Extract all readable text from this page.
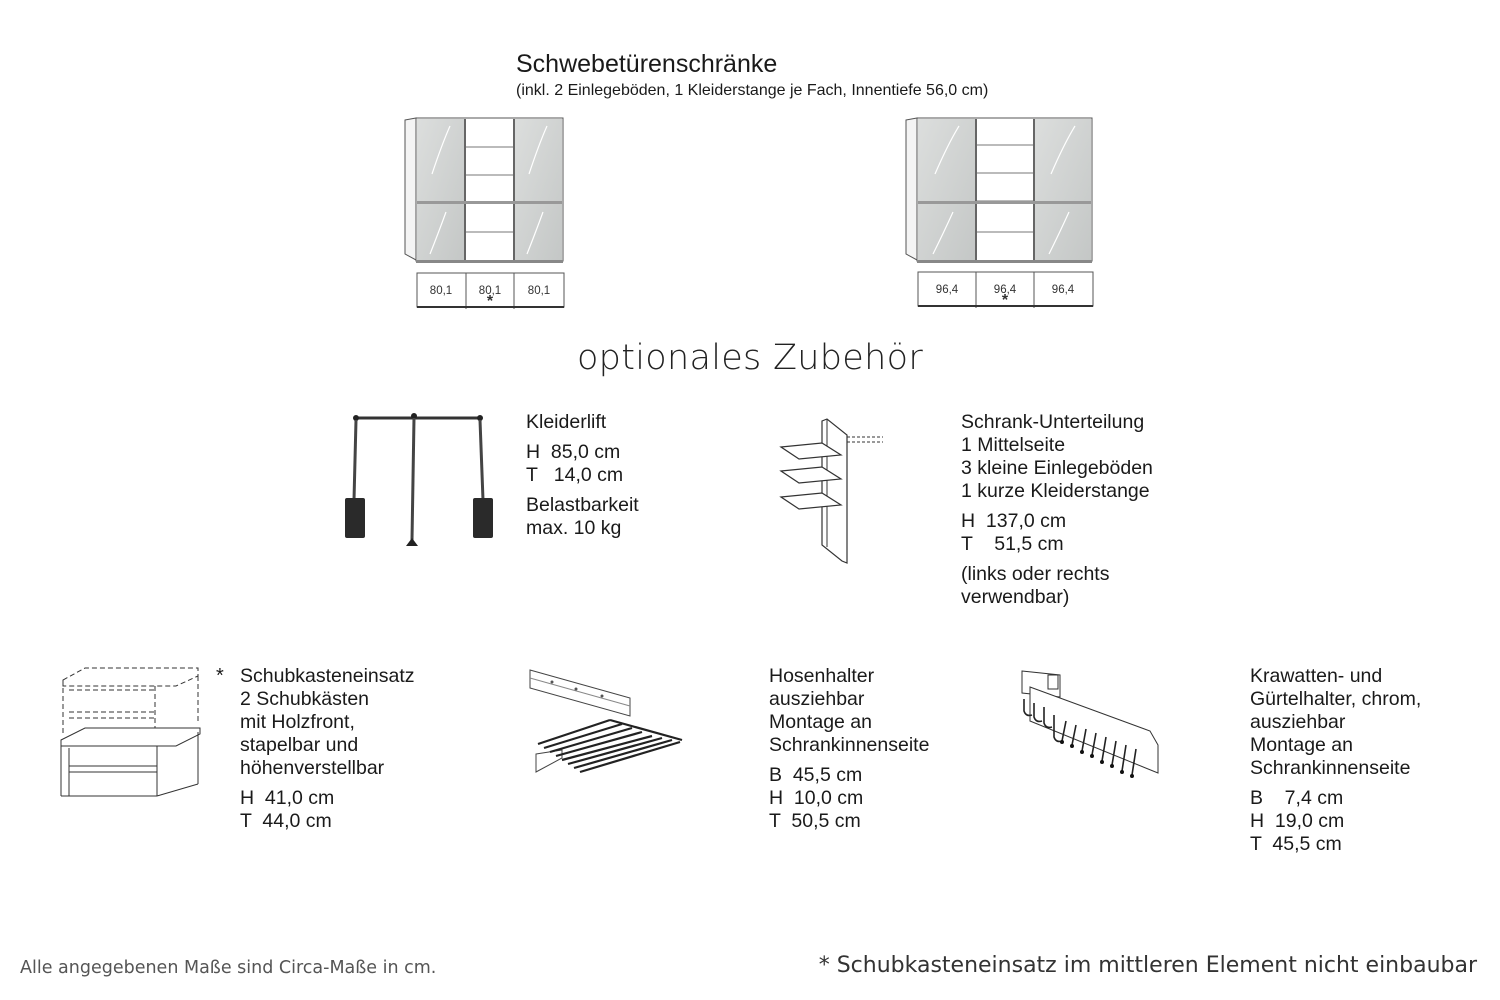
Schwebetürenschränke
(inkl. 2 Einlegeböden, 1 Kleiderstange je Fach, Innentiefe 56,0 cm)
80,1 80,1 80,1
*
96,4	96,4	96,4
*
optionales Zubehör
Kleiderlift
H  85,0 cm
T   14,0 cm
Belastbarkeit
max. 10 kg
Schrank-Unterteilung
1 Mittelseite
3 kleine Einlegeböden
1 kurze Kleiderstange
H  137,0 cm
T    51,5 cm
(links oder rechts
verwendbar)
* Schubkasteneinsatz
2 Schubkästen
mit Holzfront,
stapelbar und
höhenverstellbar
H  41,0 cm
T  44,0 cm
Hosenhalter
ausziehbar
Montage an
Schrankinnenseite
B  45,5 cm
H  10,0 cm
T  50,5 cm
Krawatten- und
Gürtelhalter, chrom,
ausziehbar
Montage an
Schrankinnenseite
B    7,4 cm
H  19,0 cm
T  45,5 cm
Alle angegebenen Maße sind Circa-Maße in cm.	* Schubkasteneinsatz im mittleren Element nicht einbaubar
